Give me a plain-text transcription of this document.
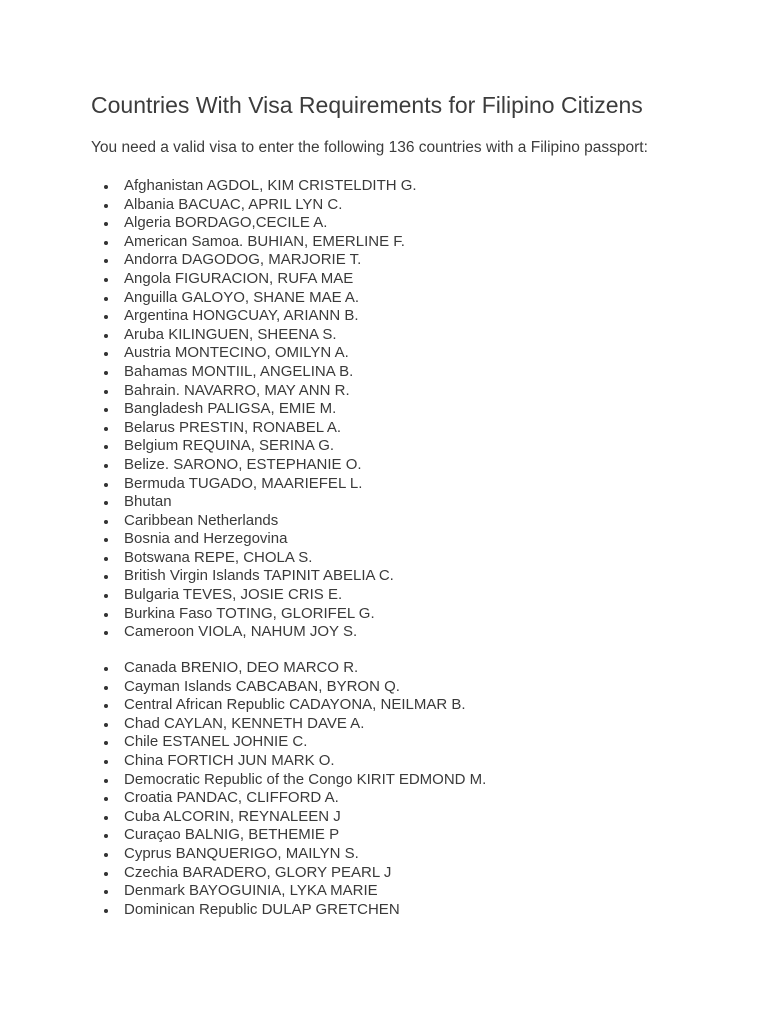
Countries With Visa Requirements for Filipino Citizens

You need a valid visa to enter the following 136 countries with a Filipino passport:

Afghanistan AGDOL, KIM CRISTELDITH G.
Albania BACUAC, APRIL LYN C.
Algeria BORDAGO,CECILE A.
American Samoa. BUHIAN, EMERLINE F.
Andorra DAGODOG, MARJORIE T.
Angola FIGURACION, RUFA MAE
Anguilla GALOYO, SHANE MAE A.
Argentina HONGCUAY, ARIANN B.
Aruba KILINGUEN, SHEENA S.
Austria MONTECINO, OMILYN A.
Bahamas MONTIIL, ANGELINA B.
Bahrain. NAVARRO, MAY ANN R.
Bangladesh PALIGSA, EMIE M.
Belarus PRESTIN, RONABEL A.
Belgium REQUINA, SERINA G.
Belize. SARONO, ESTEPHANIE O.
Bermuda TUGADO, MAARIEFEL L.
Bhutan
Caribbean Netherlands
Bosnia and Herzegovina
Botswana REPE, CHOLA S.
British Virgin Islands TAPINIT ABELIA C.
Bulgaria TEVES, JOSIE CRIS E.
Burkina Faso TOTING, GLORIFEL G.
Cameroon VIOLA, NAHUM JOY S.
Canada BRENIO, DEO MARCO R.
Cayman Islands CABCABAN, BYRON Q.
Central African Republic CADAYONA, NEILMAR B.
Chad CAYLAN, KENNETH DAVE A.
Chile ESTANEL JOHNIE C.
China FORTICH JUN MARK O.
Democratic Republic of the Congo KIRIT EDMOND M.
Croatia PANDAC, CLIFFORD A.
Cuba ALCORIN, REYNALEEN J
Curaçao BALNIG, BETHEMIE P
Cyprus BANQUERIGO, MAILYN S.
Czechia BARADERO, GLORY PEARL J
Denmark BAYOGUINIA, LYKA MARIE
Dominican Republic DULAP GRETCHEN
